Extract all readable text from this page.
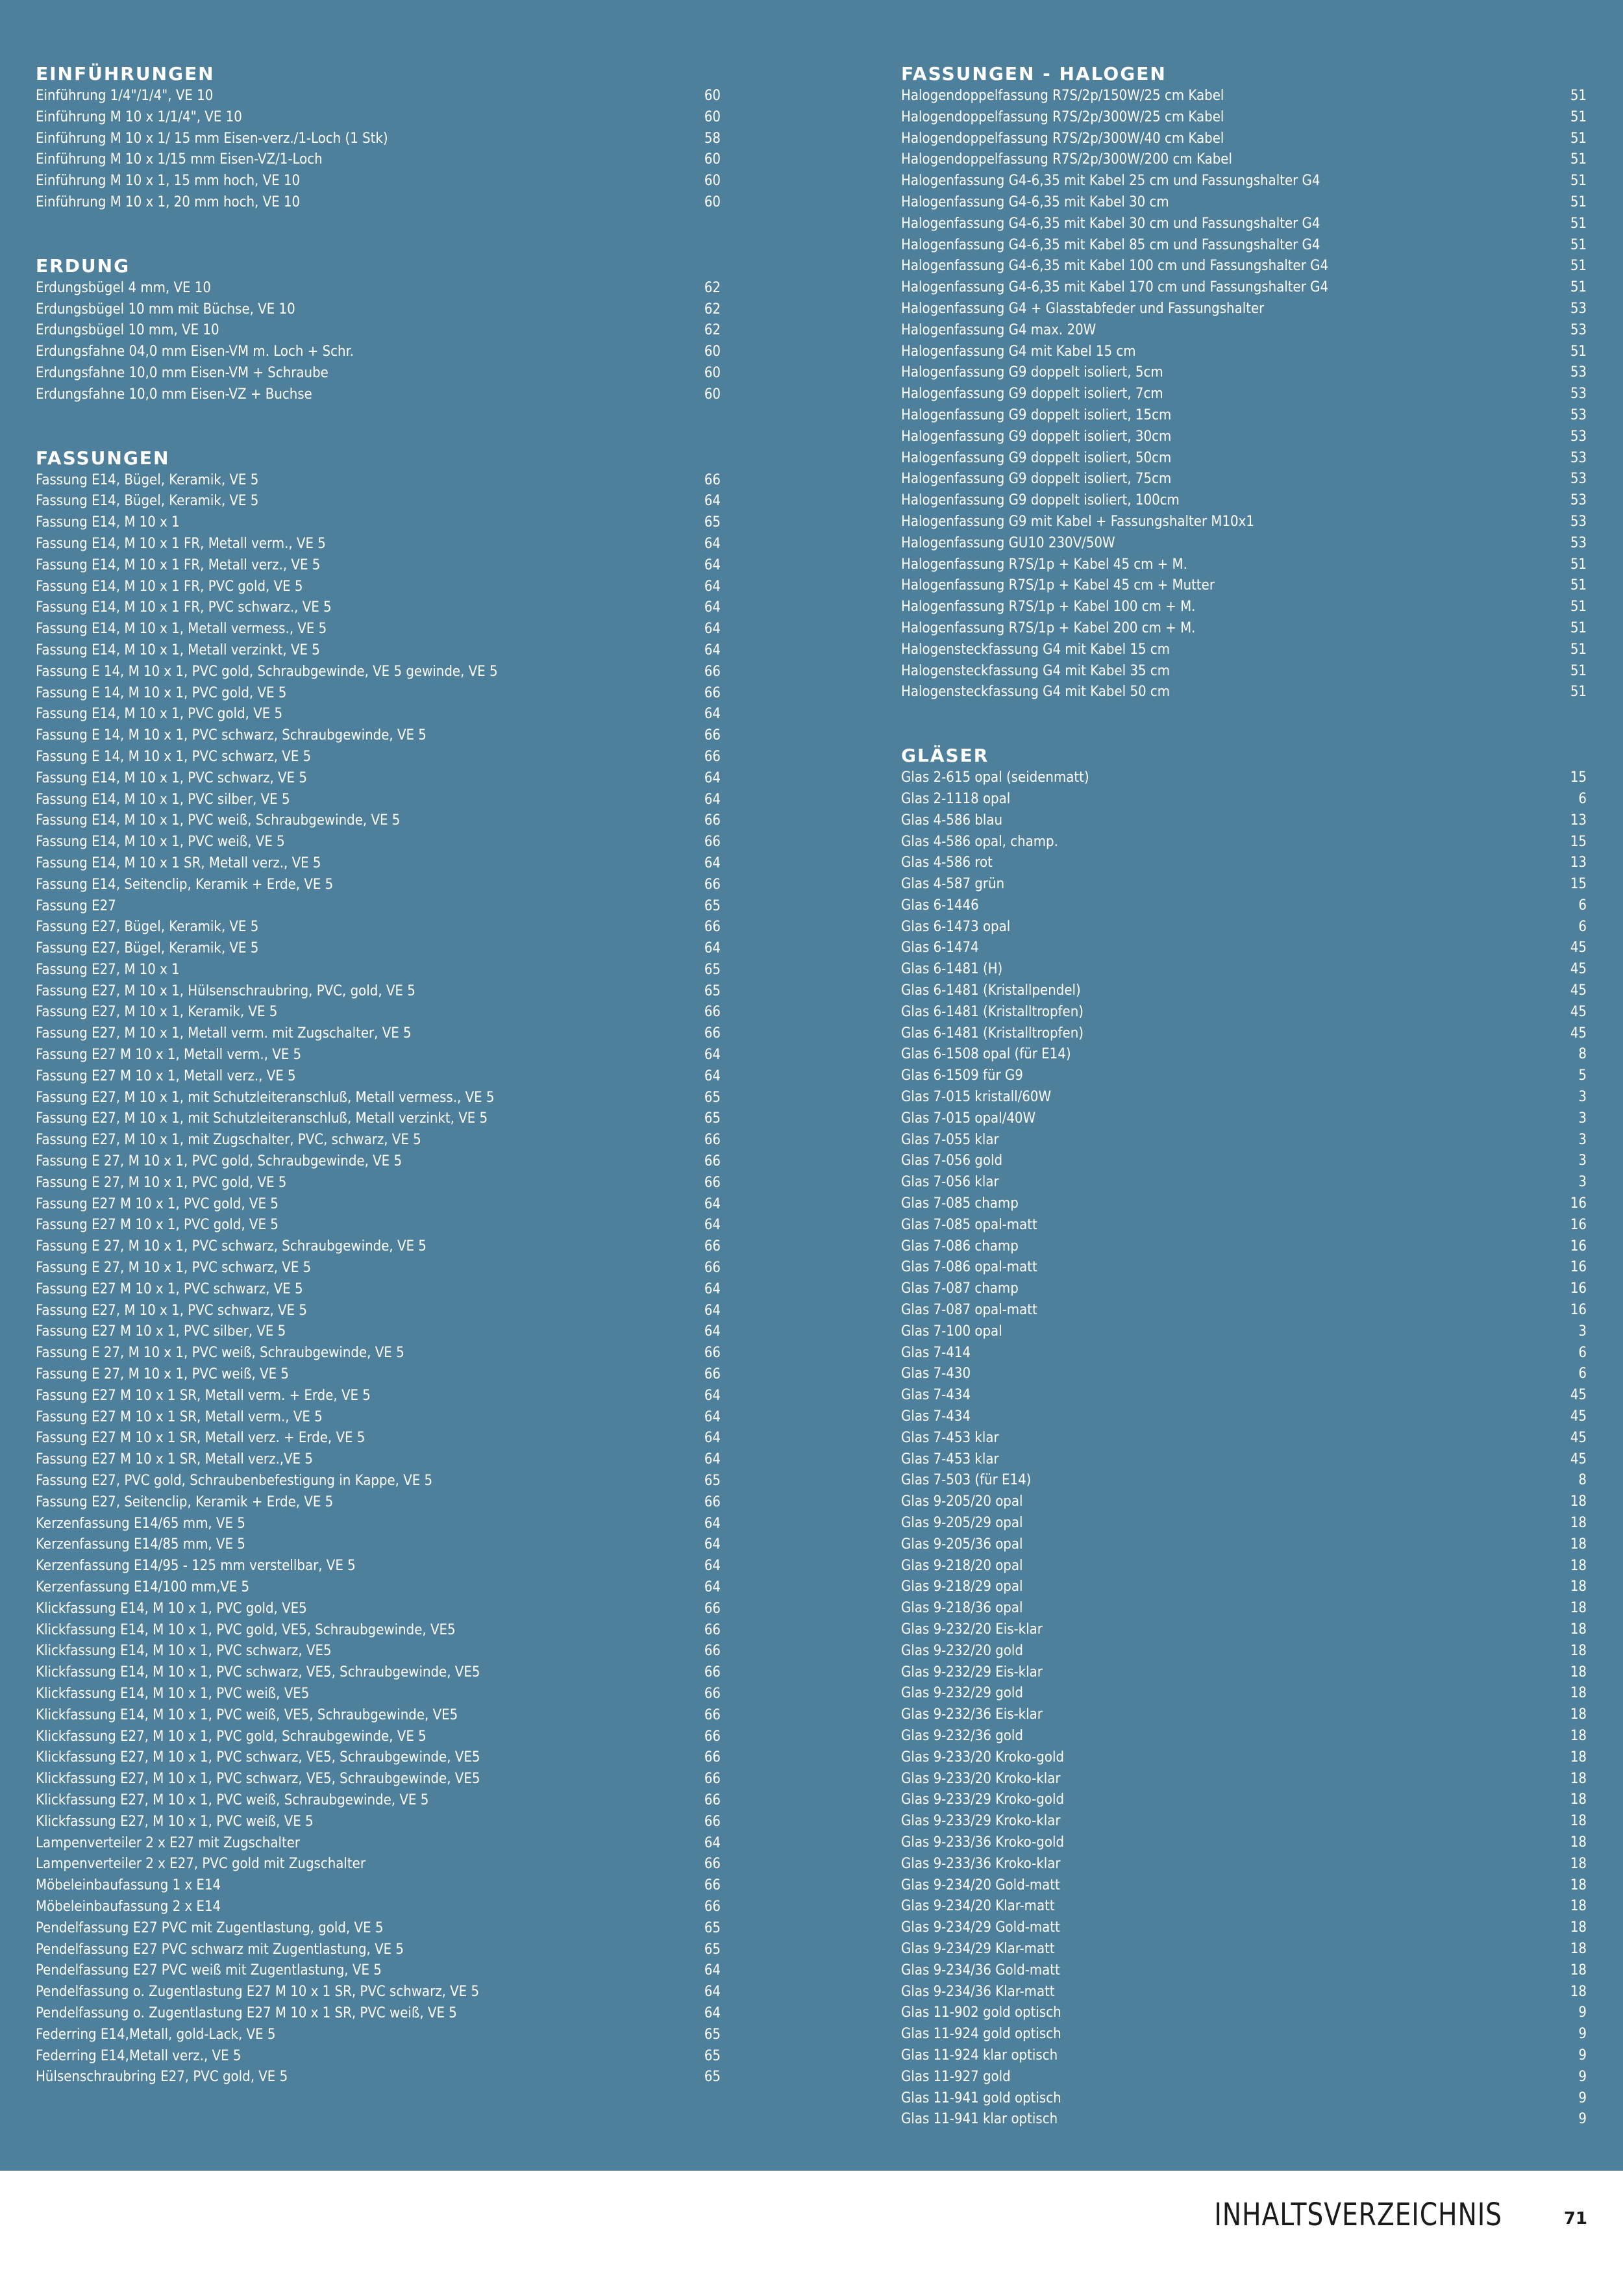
EINFÜHRUNGEN
Einführung 1/4"/1/4", VE 10	60
Einführung M 10 x 1/1/4", VE 10	60
Einführung M 10 x 1/ 15 mm Eisen-verz./1-Loch (1 Stk)	58
Einführung M 10 x 1/15 mm Eisen-VZ/1-Loch	60
Einführung M 10 x 1, 15 mm hoch, VE 10	60
Einführung M 10 x 1, 20 mm hoch, VE 10	60
ERDUNG
Erdungsbügel 4 mm, VE 10	62
Erdungsbügel 10 mm mit Büchse, VE 10	62
Erdungsbügel 10 mm, VE 10	62
Erdungsfahne 04,0 mm Eisen-VM m. Loch + Schr.	60
Erdungsfahne 10,0 mm Eisen-VM + Schraube	60
Erdungsfahne 10,0 mm Eisen-VZ + Buchse	60
FASSUNGEN
Fassung E14, Bügel, Keramik, VE 5	66
Fassung E14, Bügel, Keramik, VE 5	64
Fassung E14, M 10 x 1	65
Fassung E14, M 10 x 1 FR, Metall verm., VE 5	64
Fassung E14, M 10 x 1 FR, Metall verz., VE 5	64
Fassung E14, M 10 x 1 FR, PVC gold, VE 5	64
Fassung E14, M 10 x 1 FR, PVC schwarz., VE 5	64
Fassung E14, M 10 x 1, Metall vermess., VE 5	64
Fassung E14, M 10 x 1, Metall verzinkt, VE 5	64
Fassung E 14, M 10 x 1, PVC gold, Schraubgewinde, VE 5 gewinde, VE 5	66
Fassung E 14, M 10 x 1, PVC gold, VE 5	66
Fassung E14, M 10 x 1, PVC gold, VE 5	64
Fassung E 14, M 10 x 1, PVC schwarz, Schraubgewinde, VE 5	66
Fassung E 14, M 10 x 1, PVC schwarz, VE 5	66
Fassung E14, M 10 x 1, PVC schwarz, VE 5	64
Fassung E14, M 10 x 1, PVC silber, VE 5	64
Fassung E14, M 10 x 1, PVC weiß, Schraubgewinde, VE 5	66
Fassung E14, M 10 x 1, PVC weiß, VE 5	66
Fassung E14, M 10 x 1 SR, Metall verz., VE 5	64
Fassung E14, Seitenclip, Keramik + Erde, VE 5	66
Fassung E27	65
Fassung E27, Bügel, Keramik, VE 5	66
Fassung E27, Bügel, Keramik, VE 5	64
Fassung E27, M 10 x 1	65
Fassung E27, M 10 x 1, Hülsenschraubring, PVC, gold, VE 5	65
Fassung E27, M 10 x 1, Keramik, VE 5	66
Fassung E27, M 10 x 1, Metall verm. mit Zugschalter, VE 5	66
Fassung E27 M 10 x 1, Metall verm., VE 5	64
Fassung E27 M 10 x 1, Metall verz., VE 5	64
Fassung E27, M 10 x 1, mit Schutzleiteranschluß, Metall vermess., VE 5	65
Fassung E27, M 10 x 1, mit Schutzleiteranschluß, Metall verzinkt, VE 5	65
Fassung E27, M 10 x 1, mit Zugschalter, PVC, schwarz, VE 5	66
Fassung E 27, M 10 x 1, PVC gold, Schraubgewinde, VE 5	66
Fassung E 27, M 10 x 1, PVC gold, VE 5	66
Fassung E27 M 10 x 1, PVC gold, VE 5	64
Fassung E27 M 10 x 1, PVC gold, VE 5	64
Fassung E 27, M 10 x 1, PVC schwarz, Schraubgewinde, VE 5	66
Fassung E 27, M 10 x 1, PVC schwarz, VE 5	66
Fassung E27 M 10 x 1, PVC schwarz, VE 5	64
Fassung E27, M 10 x 1, PVC schwarz, VE 5	64
Fassung E27 M 10 x 1, PVC silber, VE 5	64
Fassung E 27, M 10 x 1, PVC weiß, Schraubgewinde, VE 5	66
Fassung E 27, M 10 x 1, PVC weiß, VE 5	66
Fassung E27 M 10 x 1 SR, Metall verm. + Erde, VE 5	64
Fassung E27 M 10 x 1 SR, Metall verm., VE 5	64
Fassung E27 M 10 x 1 SR, Metall verz. + Erde, VE 5	64
Fassung E27 M 10 x 1 SR, Metall verz.,VE 5	64
Fassung E27, PVC gold, Schraubenbefestigung in Kappe, VE 5	65
Fassung E27, Seitenclip, Keramik + Erde, VE 5	66
Kerzenfassung E14/65 mm, VE 5	64
Kerzenfassung E14/85 mm, VE 5	64
Kerzenfassung E14/95 - 125 mm verstellbar, VE 5	64
Kerzenfassung E14/100 mm,VE 5	64
Klickfassung E14, M 10 x 1, PVC gold, VE5	66
Klickfassung E14, M 10 x 1, PVC gold, VE5, Schraubgewinde, VE5	66
Klickfassung E14, M 10 x 1, PVC schwarz, VE5	66
Klickfassung E14, M 10 x 1, PVC schwarz, VE5, Schraubgewinde, VE5	66
Klickfassung E14, M 10 x 1, PVC weiß, VE5	66
Klickfassung E14, M 10 x 1, PVC weiß, VE5, Schraubgewinde, VE5	66
Klickfassung E27, M 10 x 1, PVC gold, Schraubgewinde, VE 5	66
Klickfassung E27, M 10 x 1, PVC schwarz, VE5, Schraubgewinde, VE5	66
Klickfassung E27, M 10 x 1, PVC schwarz, VE5, Schraubgewinde, VE5	66
Klickfassung E27, M 10 x 1, PVC weiß, Schraubgewinde, VE 5	66
Klickfassung E27, M 10 x 1, PVC weiß, VE 5	66
Lampenverteiler 2 x E27 mit Zugschalter	64
Lampenverteiler 2 x E27, PVC gold mit Zugschalter	66
Möbeleinbaufassung 1 x E14	66
Möbeleinbaufassung 2 x E14	66
Pendelfassung E27 PVC mit Zugentlastung, gold, VE 5	65
Pendelfassung E27 PVC schwarz mit Zugentlastung, VE 5	65
Pendelfassung E27 PVC weiß mit Zugentlastung, VE 5	64
Pendelfassung o. Zugentlastung E27 M 10 x 1 SR, PVC schwarz, VE 5	64
Pendelfassung o. Zugentlastung E27 M 10 x 1 SR, PVC weiß, VE 5	64
Federring E14,Metall, gold-Lack, VE 5	65
Federring E14,Metall verz., VE 5	65
Hülsenschraubring E27, PVC gold, VE 5	65
FASSUNGEN - HALOGEN
Halogendoppelfassung R7S/2p/150W/25 cm Kabel	51
Halogendoppelfassung R7S/2p/300W/25 cm Kabel	51
Halogendoppelfassung R7S/2p/300W/40 cm Kabel	51
Halogendoppelfassung R7S/2p/300W/200 cm Kabel	51
Halogenfassung G4-6,35 mit Kabel 25 cm und Fassungshalter G4	51
Halogenfassung G4-6,35 mit Kabel 30 cm	51
Halogenfassung G4-6,35 mit Kabel 30 cm und Fassungshalter G4	51
Halogenfassung G4-6,35 mit Kabel 85 cm und Fassungshalter G4	51
Halogenfassung G4-6,35 mit Kabel 100 cm und Fassungshalter G4	51
Halogenfassung G4-6,35 mit Kabel 170 cm und Fassungshalter G4	51
Halogenfassung G4 + Glasstabfeder und Fassungshalter	53
Halogenfassung G4 max. 20W	53
Halogenfassung G4 mit Kabel 15 cm	51
Halogenfassung G9 doppelt isoliert, 5cm	53
Halogenfassung G9 doppelt isoliert, 7cm	53
Halogenfassung G9 doppelt isoliert, 15cm	53
Halogenfassung G9 doppelt isoliert, 30cm	53
Halogenfassung G9 doppelt isoliert, 50cm	53
Halogenfassung G9 doppelt isoliert, 75cm	53
Halogenfassung G9 doppelt isoliert, 100cm	53
Halogenfassung G9 mit Kabel + Fassungshalter M10x1	53
Halogenfassung GU10 230V/50W	53
Halogenfassung R7S/1p + Kabel 45 cm + M.	51
Halogenfassung R7S/1p + Kabel 45 cm + Mutter	51
Halogenfassung R7S/1p + Kabel 100 cm + M.	51
Halogenfassung R7S/1p + Kabel 200 cm + M.	51
Halogensteckfassung G4 mit Kabel 15 cm	51
Halogensteckfassung G4 mit Kabel 35 cm	51
Halogensteckfassung G4 mit Kabel 50 cm	51
GLÄSER
Glas 2-615 opal (seidenmatt)	15
Glas 2-1118 opal	6
Glas 4-586 blau	13
Glas 4-586 opal, champ.	15
Glas 4-586 rot	13
Glas 4-587 grün	15
Glas 6-1446	6
Glas 6-1473 opal	6
Glas 6-1474	45
Glas 6-1481 (H)	45
Glas 6-1481 (Kristallpendel)	45
Glas 6-1481 (Kristalltropfen)	45
Glas 6-1481 (Kristalltropfen)	45
Glas 6-1508 opal (für E14)	8
Glas 6-1509 für G9	5
Glas 7-015 kristall/60W	3
Glas 7-015 opal/40W	3
Glas 7-055 klar	3
Glas 7-056 gold	3
Glas 7-056 klar	3
Glas 7-085 champ	16
Glas 7-085 opal-matt	16
Glas 7-086 champ	16
Glas 7-086 opal-matt	16
Glas 7-087 champ	16
Glas 7-087 opal-matt	16
Glas 7-100 opal	3
Glas 7-414	6
Glas 7-430	6
Glas 7-434	45
Glas 7-434	45
Glas 7-453 klar	45
Glas 7-453 klar	45
Glas 7-503 (für E14)	8
Glas 9-205/20 opal	18
Glas 9-205/29 opal	18
Glas 9-205/36 opal	18
Glas 9-218/20 opal	18
Glas 9-218/29 opal	18
Glas 9-218/36 opal	18
Glas 9-232/20 Eis-klar	18
Glas 9-232/20 gold	18
Glas 9-232/29 Eis-klar	18
Glas 9-232/29 gold	18
Glas 9-232/36 Eis-klar	18
Glas 9-232/36 gold	18
Glas 9-233/20 Kroko-gold	18
Glas 9-233/20 Kroko-klar	18
Glas 9-233/29 Kroko-gold	18
Glas 9-233/29 Kroko-klar	18
Glas 9-233/36 Kroko-gold	18
Glas 9-233/36 Kroko-klar	18
Glas 9-234/20 Gold-matt	18
Glas 9-234/20 Klar-matt	18
Glas 9-234/29 Gold-matt	18
Glas 9-234/29 Klar-matt	18
Glas 9-234/36 Gold-matt	18
Glas 9-234/36 Klar-matt	18
Glas 11-902 gold optisch	9
Glas 11-924 gold optisch	9
Glas 11-924 klar optisch	9
Glas 11-927 gold	9
Glas 11-941 gold optisch	9
Glas 11-941 klar optisch	9
INHALTSVERZEICHNIS	71
